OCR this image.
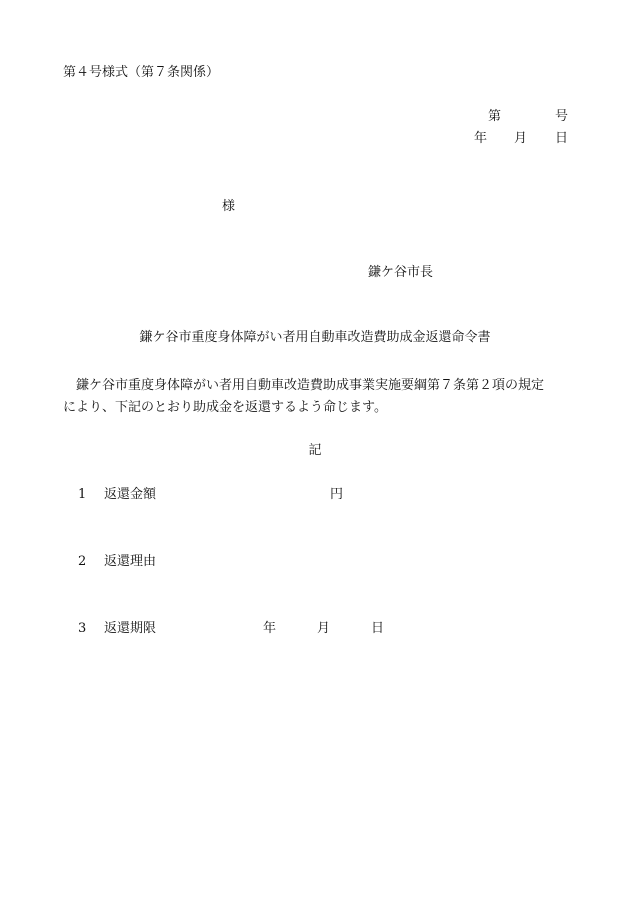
第４号様式（第７条関係）
第	号
年 月 日
様
鎌ケ谷市長
鎌ケ谷市重度身体障がい者用自動車改造費助成金返還命令書

鎌ケ谷市重度身体障がい者用自動車改造費助成事業実施要綱第７条第２項の規定

により、下記のとおり助成金を返還するよう命じます。

記
1 返還金額	円
2 返還理由
3 返還期限	年	月	日
